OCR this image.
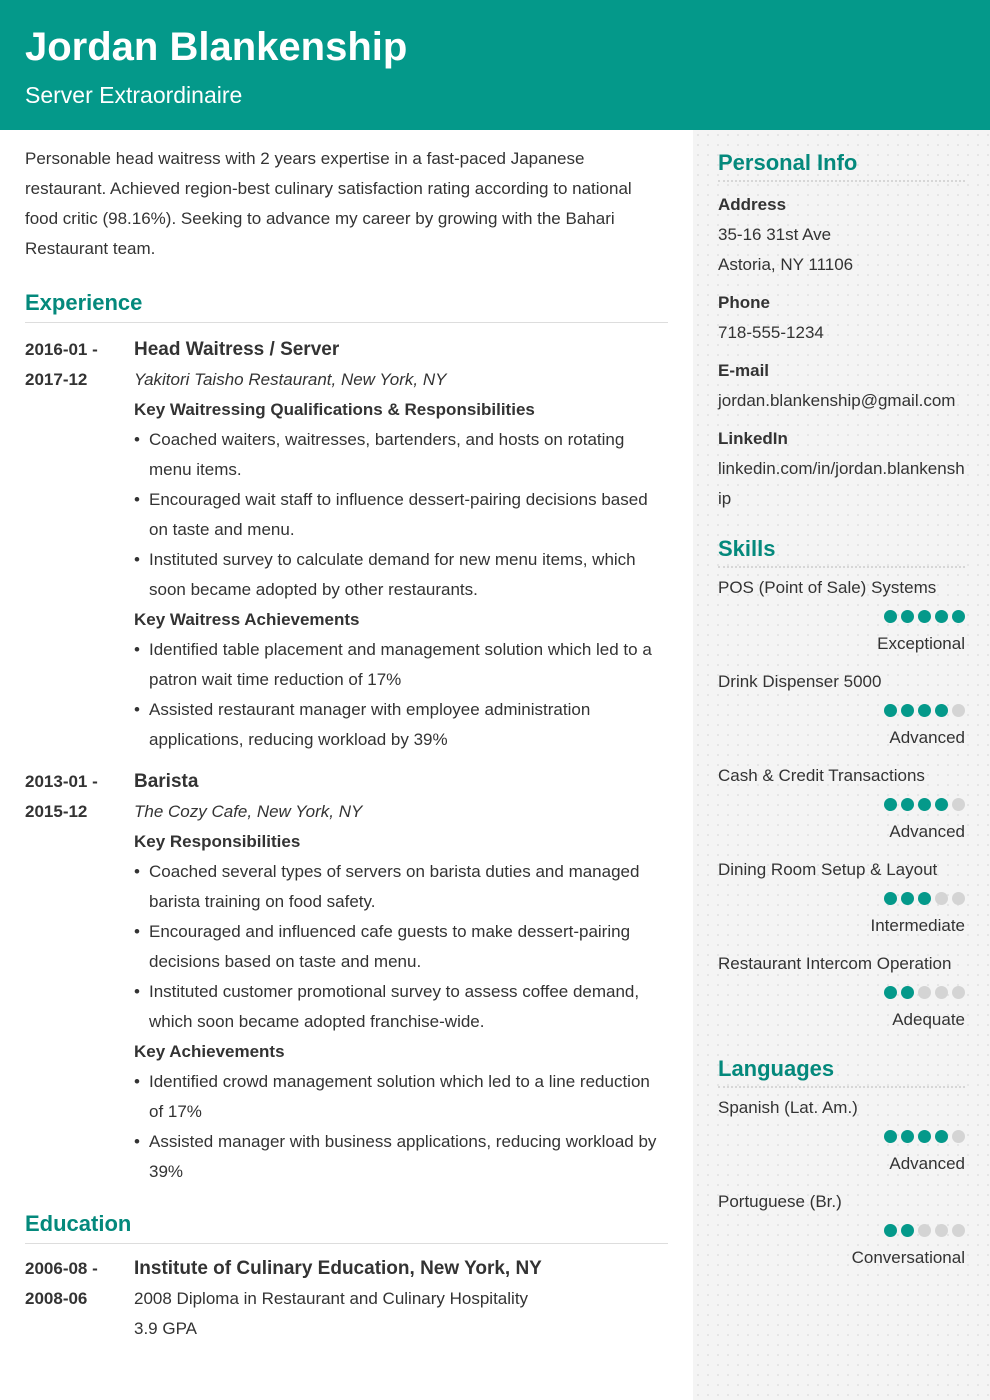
Jordan Blankenship
Server Extraordinaire

Personable head waitress with 2 years expertise in a fast-paced Japanese restaurant. Achieved region-best culinary satisfaction rating according to national food critic (98.16%). Seeking to advance my career by growing with the Bahari Restaurant team.

Experience
2016-01 -
2017-12
Head Waitress / Server
Yakitori Taisho Restaurant, New York, NY
Key Waitressing Qualifications & Responsibilities
• Coached waiters, waitresses, bartenders, and hosts on rotating menu items.
• Encouraged wait staff to influence dessert-pairing decisions based on taste and menu.
• Instituted survey to calculate demand for new menu items, which soon became adopted by other restaurants.
Key Waitress Achievements
• Identified table placement and management solution which led to a patron wait time reduction of 17%
• Assisted restaurant manager with employee administration applications, reducing workload by 39%
2013-01 -
2015-12
Barista
The Cozy Cafe, New York, NY
Key Responsibilities
• Coached several types of servers on barista duties and managed barista training on food safety.
• Encouraged and influenced cafe guests to make dessert-pairing decisions based on taste and menu.
• Instituted customer promotional survey to assess coffee demand, which soon became adopted franchise-wide.
Key Achievements
• Identified crowd management solution which led to a line reduction of 17%
• Assisted manager with business applications, reducing workload by 39%
Education
2006-08 -
2008-06
Institute of Culinary Education, New York, NY
2008 Diploma in Restaurant and Culinary Hospitality
3.9 GPA
Personal Info
Address
35-16 31st Ave
Astoria, NY 11106
Phone
718-555-1234
E-mail
jordan.blankenship@gmail.com
LinkedIn
linkedin.com/in/jordan.blankenship
Skills
POS (Point of Sale) Systems
Exceptional
Drink Dispenser 5000
Advanced
Cash & Credit Transactions
Advanced
Dining Room Setup & Layout
Intermediate
Restaurant Intercom Operation
Adequate
Languages
Spanish (Lat. Am.)
Advanced
Portuguese (Br.)
Conversational
